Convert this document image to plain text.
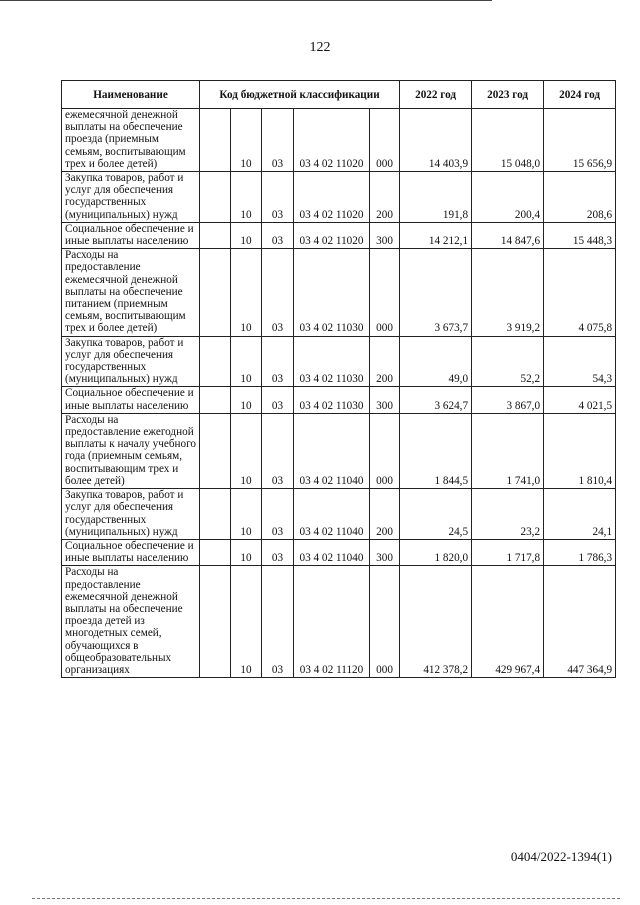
122
Наименование	Код бюджетной классификации					2022 год	2023 год	2024 год
ежемесячной денежной выплаты на обеспечение проезда (приемным семьям, воспитывающим трех и более детей)		10	03	03 4 02 11020	000	14 403,9	15 048,0	15 656,9
Закупка товаров, работ и услуг для обеспечения государственных (муниципальных) нужд		10	03	03 4 02 11020	200	191,8	200,4	208,6
Социальное обеспечение и иные выплаты населению		10	03	03 4 02 11020	300	14 212,1	14 847,6	15 448,3
Расходы на предоставление ежемесячной денежной выплаты на обеспечение питанием (приемным семьям, воспитывающим трех и более детей)		10	03	03 4 02 11030	000	3 673,7	3 919,2	4 075,8
Закупка товаров, работ и услуг для обеспечения государственных (муниципальных) нужд		10	03	03 4 02 11030	200	49,0	52,2	54,3
Социальное обеспечение и иные выплаты населению		10	03	03 4 02 11030	300	3 624,7	3 867,0	4 021,5
Расходы на предоставление ежегодной выплаты к началу учебного года (приемным семьям, воспитывающим трех и более детей)		10	03	03 4 02 11040	000	1 844,5	1 741,0	1 810,4
Закупка товаров, работ и услуг для обеспечения государственных (муниципальных) нужд		10	03	03 4 02 11040	200	24,5	23,2	24,1
Социальное обеспечение и иные выплаты населению		10	03	03 4 02 11040	300	1 820,0	1 717,8	1 786,3
Расходы на предоставление ежемесячной денежной выплаты на обеспечение проезда детей из многодетных семей, обучающихся в общеобразовательных организациях		10	03	03 4 02 11120	000	412 378,2	429 967,4	447 364,9
0404/2022-1394(1)
